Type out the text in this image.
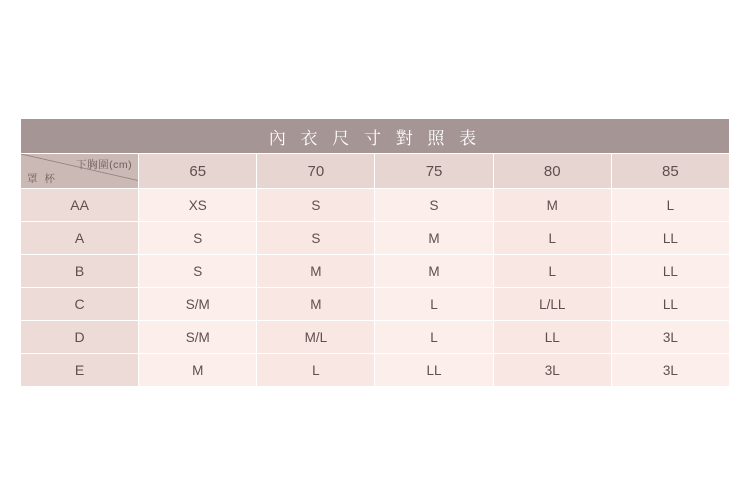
內 衣 尺 寸 對 照 表					

下胸圍(cm)
罩 杯	65	70	75	80	85
AA	XS	S	S	M	L
A	S	S	M	L	LL
B	S	M	M	L	LL
C	S/M	M	L	L/LL	LL
D	S/M	M/L	L	LL	3L
E	M	L	LL	3L	3L
